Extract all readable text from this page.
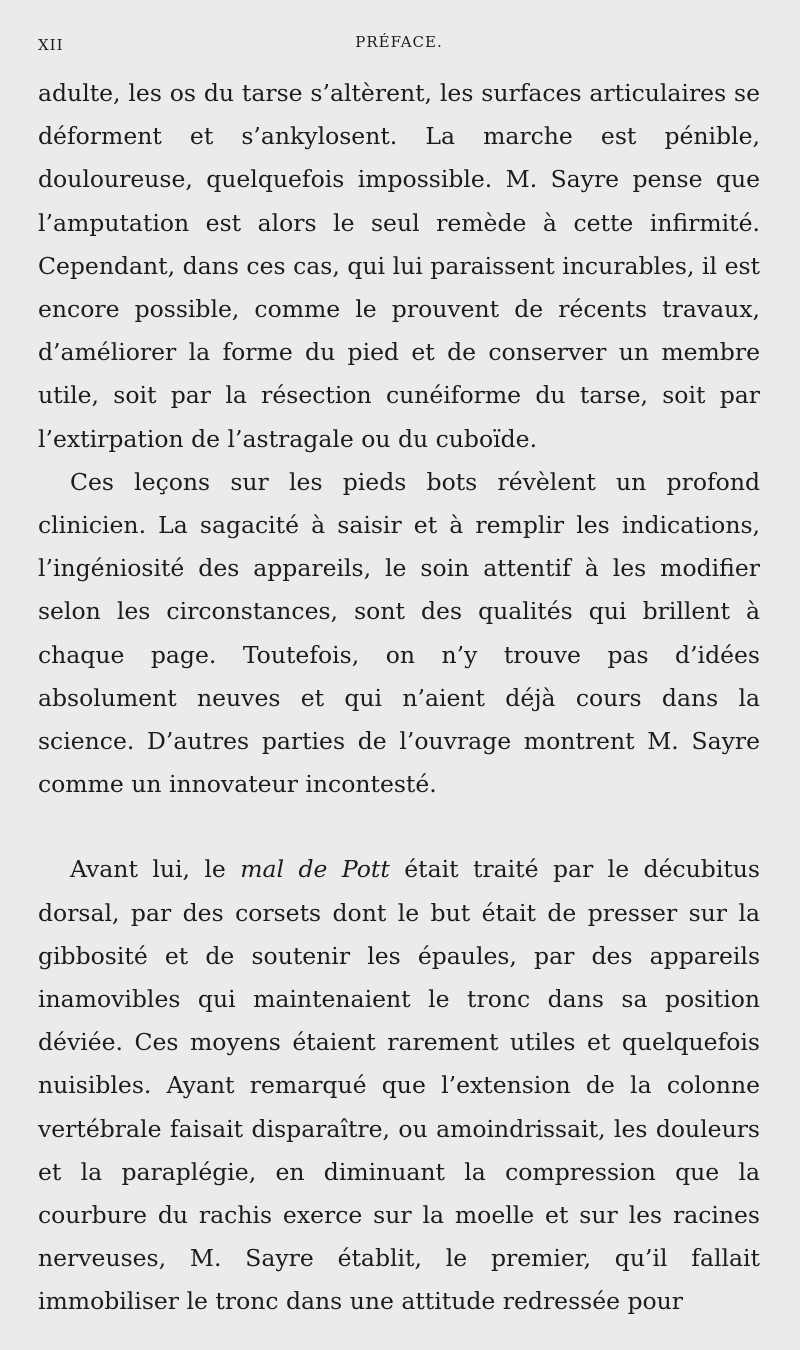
XII	PRÉFACE.

adulte, les os du tarse s’altèrent, les surfaces articulaires se déforment et s’ankylosent. La marche est pénible, douloureuse, quelquefois impossible. M. Sayre pense que l’amputation est alors le seul remède à cette infirmité. Cependant, dans ces cas, qui lui paraissent incurables, il est encore possible, comme le prouvent de récents travaux, d’améliorer la forme du pied et de conserver un membre utile, soit par la résection cunéiforme du tarse, soit par l’extirpation de l’astragale ou du cuboïde.

Ces leçons sur les pieds bots révèlent un profond clinicien. La sagacité à saisir et à remplir les indications, l’ingéniosité des appareils, le soin attentif à les modifier selon les circonstances, sont des qualités qui brillent à chaque page. Toutefois, on n’y trouve pas d’idées absolument neuves et qui n’aient déjà cours dans la science. D’autres parties de l’ouvrage montrent M. Sayre comme un innovateur incontesté.

Avant lui, le mal de Pott était traité par le décubitus dorsal, par des corsets dont le but était de presser sur la gibbosité et de soutenir les épaules, par des appareils inamovibles qui maintenaient le tronc dans sa position déviée. Ces moyens étaient rarement utiles et quelquefois nuisibles. Ayant remarqué que l’extension de la colonne vertébrale faisait disparaître, ou amoindrissait, les douleurs et la paraplégie, en diminuant la compression que la courbure du rachis exerce sur la moelle et sur les racines nerveuses, M. Sayre établit, le premier, qu’il fallait immobiliser le tronc dans une attitude redressée pour
